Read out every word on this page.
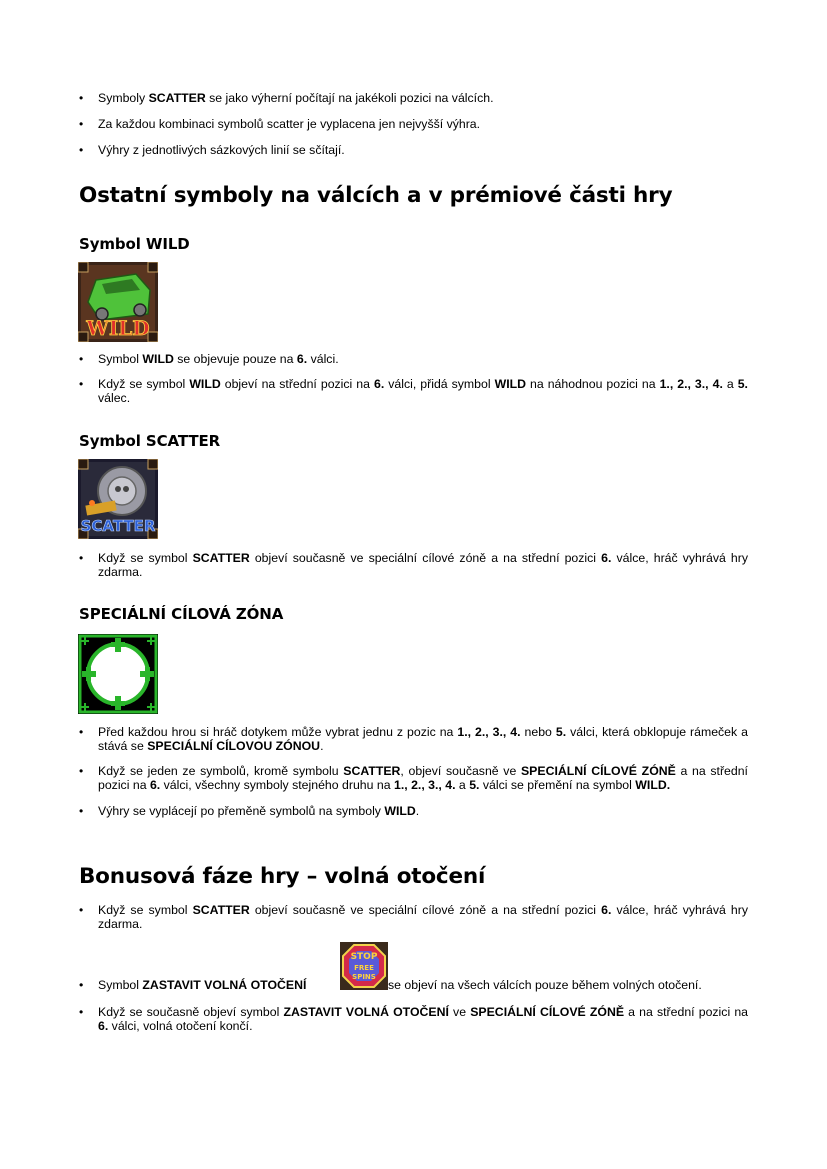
• Symboly SCATTER se jako výherní počítají na jakékoli pozici na válcích.
• Za každou kombinaci symbolů scatter je vyplacena jen nejvyšší výhra.
• Výhry z jednotlivých sázkových linií se sčítají.
Ostatní symboly na válcích a v prémiové části hry
Symbol WILD
WILD
• Symbol WILD se objevuje pouze na 6. válci.
• Když se symbol WILD objeví na střední pozici na 6. válci, přidá symbol WILD na náhodnou pozici na 1., 2., 3., 4. a 5. válec.
Symbol SCATTER
SCATTER
• Když se symbol SCATTER objeví současně ve speciální cílové zóně a na střední pozici 6. válce, hráč vyhrává hry zdarma.
SPECIÁLNÍ CÍLOVÁ ZÓNA
• Před každou hrou si hráč dotykem může vybrat jednu z pozic na 1., 2., 3., 4. nebo 5. válci, která obklopuje rámeček a stává se SPECIÁLNÍ CÍLOVOU ZÓNOU.
• Když se jeden ze symbolů, kromě symbolu SCATTER, objeví současně ve SPECIÁLNÍ CÍLOVÉ ZÓNĚ a na střední pozici na 6. válci, všechny symboly stejného druhu na 1., 2., 3., 4. a 5. válci se přemění na symbol WILD.
• Výhry se vyplácejí po přeměně symbolů na symboly WILD.
Bonusová fáze hry – volná otočení
• Když se symbol SCATTER objeví současně ve speciální cílové zóně a na střední pozici 6. válce, hráč vyhrává hry zdarma.
• Symbol ZASTAVIT VOLNÁ OTOČENÍ
STOP
FREE
SPINS
se objeví na všech válcích pouze během volných otočení.
• Když se současně objeví symbol ZASTAVIT VOLNÁ OTOČENÍ ve SPECIÁLNÍ CÍLOVÉ ZÓNĚ a na střední pozici na 6. válci, volná otočení končí.
